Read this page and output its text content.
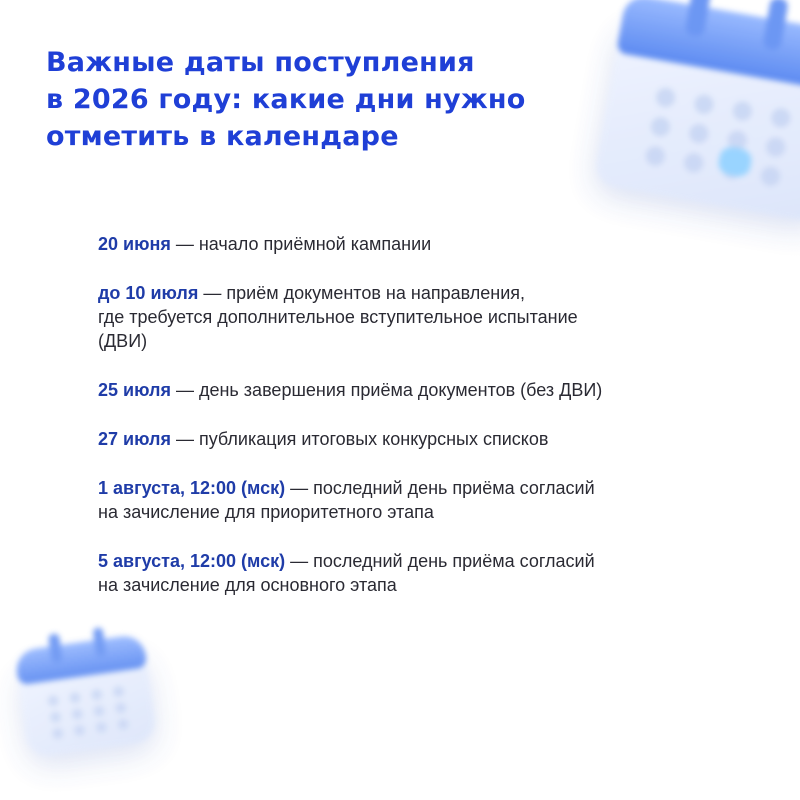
Важные даты поступления
в 2026 году: какие дни нужно
отметить в календаре
20 июня — начало приёмной кампании
до 10 июля — приём документов на направления,
где требуется дополнительное вступительное испытание
(ДВИ)
25 июля — день завершения приёма документов (без ДВИ)
27 июля — публикация итоговых конкурсных списков
1 августа, 12:00 (мск) — последний день приёма согласий
на зачисление для приоритетного этапа
5 августа, 12:00 (мск) — последний день приёма согласий
на зачисление для основного этапа
